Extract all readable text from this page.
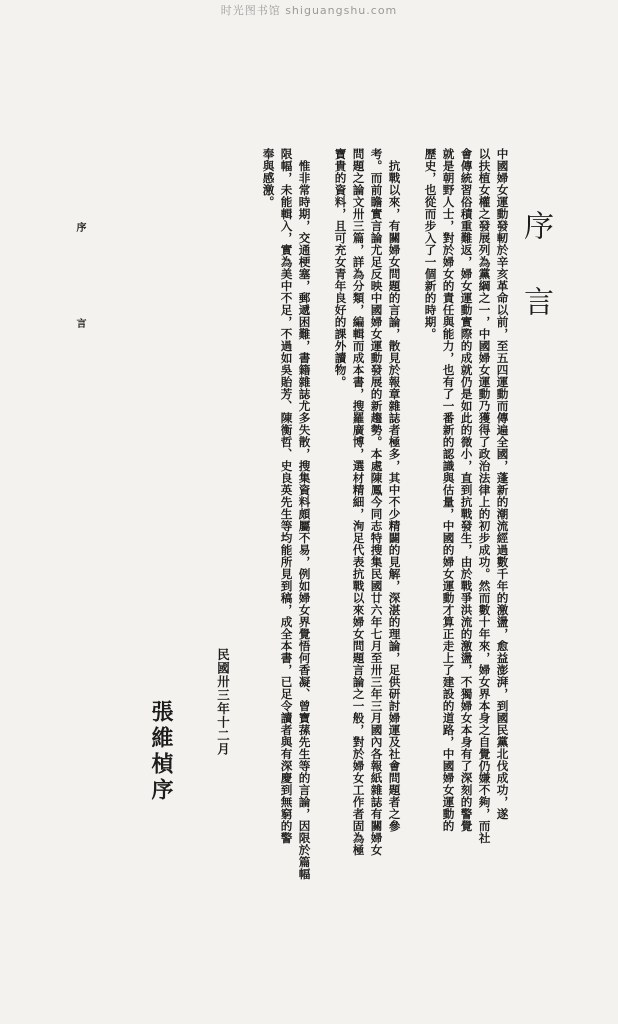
时光图书馆 shiguangshu.com
序言
中國婦女運動發軔於辛亥革命以前，至五四運動而傳遍全國，蓬新的潮流經過數千年的激盪，愈益澎湃，到國民黨北伐成功，遂
以扶植女權之發展列為黨綱之一，中國婦女運動乃獲得了政治法律上的初步成功。然而數十年來，婦女界本身之自覺仍嫌不夠，而社
會傳統習俗積重難返，婦女運動實際的成就仍是如此的微小，直到抗戰發生，由於戰爭洪流的激盪，不獨婦女本身有了深刻的警覺
就是朝野人士，對於婦女的責任與能力，也有了一番新的認識與估量，中國的婦女運動才算正走上了建設的道路，中國婦女運動的
歷史，也從而步入了一個新的時期。
抗戰以來，有關婦女問題的言論，散見於報章雜誌者極多，其中不少精闢的見解，深湛的理論，足供研討婦運及社會問題者之參
考。而前瞻實言論尤足反映中國婦女運動發展的新趨勢。本處陳鳳今同志特搜集民國廿六年七月至卅三年三月國內各報紙雜誌有關婦女
問題之論文卅三篇，詳為分類，編輯而成本書，搜羅廣博，選材精細，洵足代表抗戰以來婦女問題言論之一般，對於婦女工作者固為極
寶貴的資料，且可充女青年良好的課外讀物。
惟非常時期，交通梗塞，郵遞困難，書籍雜誌尤多失散，搜集資料頗屬不易，例如婦女界覺悟何香凝、曾寶蓀先生等的言論，因限於篇幅
限幅，未能輯入，實為美中不足，不過如吳貽芳、陳衡哲、史良英先生等均能所見到稿，成全本書，已足令讀者與有深慶到無窮的警
奉與感激。
民國卅三年十二月
張維楨序
序
言
